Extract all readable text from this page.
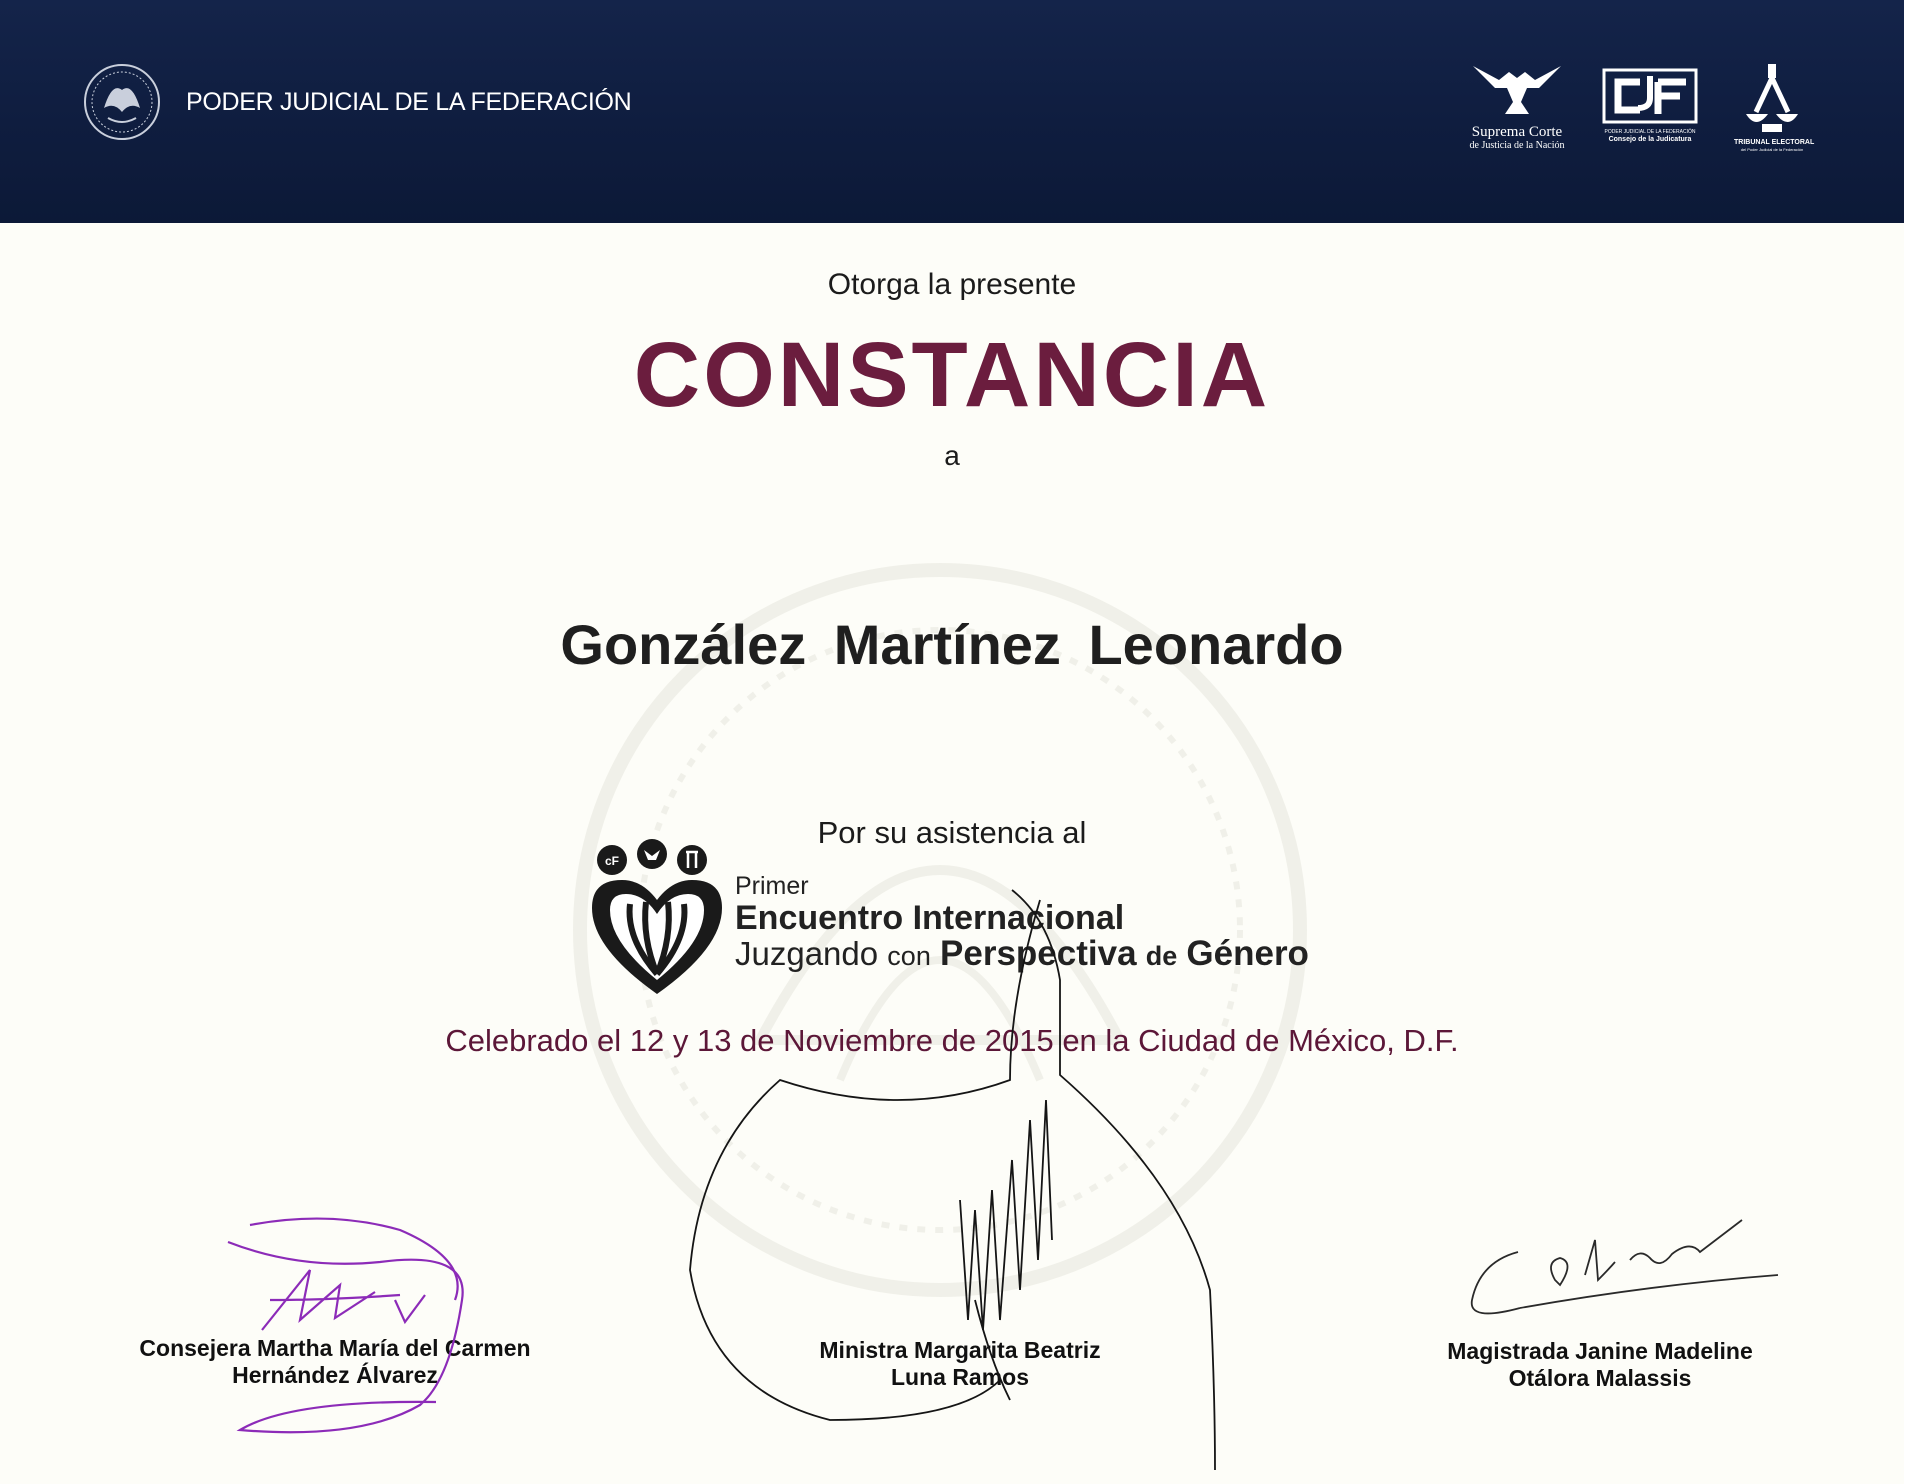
PODER JUDICIAL DE LA FEDERACIÓN
Suprema Corte
de Justicia de la Nación
PODER JUDICIAL DE LA FEDERACIÓN
Consejo de la Judicatura	TRIBUNAL ELECTORAL
del Poder Judicial de la Federación
Otorga la presente
CONSTANCIA
a
González Martínez Leonardo
Por su asistencia al
cF
Primer
Encuentro Internacional
Juzgando con Perspectiva de Género
Celebrado el 12 y 13 de Noviembre de 2015 en la Ciudad de México, D.F.
Consejera Martha María del Carmen
Hernández Álvarez
Ministra Margarita Beatriz
Luna Ramos
Magistrada Janine Madeline
Otálora Malassis
